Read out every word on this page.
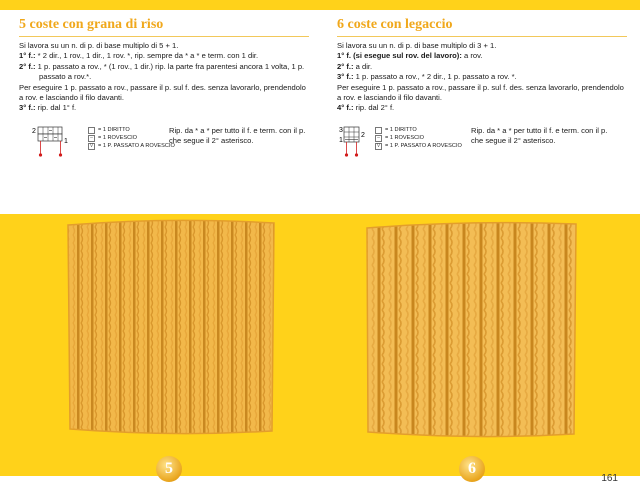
5 coste con grana di riso

Si lavora su un n. di p. di base multiplo di 5 + 1.

1° f.: * 2 dir., 1 rov., 1 dir., 1 rov. *, rip. sempre da * a * e term. con 1 dir.

2° f.: 1 p. passato a rov., * (1 rov., 1 dir.) rip. la parte fra parentesi ancora 1 volta, 1 p.

passato a rov.*.

Per eseguire 1 p. passato a rov., passare il p. sul f. des. senza lavorarlo, prendendolo a rov. e lasciando il filo davanti.

3° f.: rip. dal 1° f.

6 coste con legaccio

Si lavora su un n. di p. di base multiplo di 3 + 1.

1° f. (si esegue sul rov. del lavoro): a rov.

2° f.: a dir.

3° f.: 1 p. passato a rov., * 2 dir., 1 p. passato a rov. *.

Per eseguire 1 p. passato a rov., passare il p. sul f. des. senza lavorarlo, prendendolo a rov. e lasciando il filo davanti.

4° f.: rip. dal 2° f.

2
1
= 1 DIRITTO
– = 1 ROVESCIO
V = 1 P. PASSATO A ROVESCIO
Rip. da * a * per tutto il f. e term. con il p. che segue il 2° asterisco.
3
2
1
= 1 DIRITTO
– = 1 ROVESCIO
V = 1 P. PASSATO A ROVESCIO
Rip. da * a * per tutto il f. e term. con il p. che segue il 2° asterisco.
5	6
161
